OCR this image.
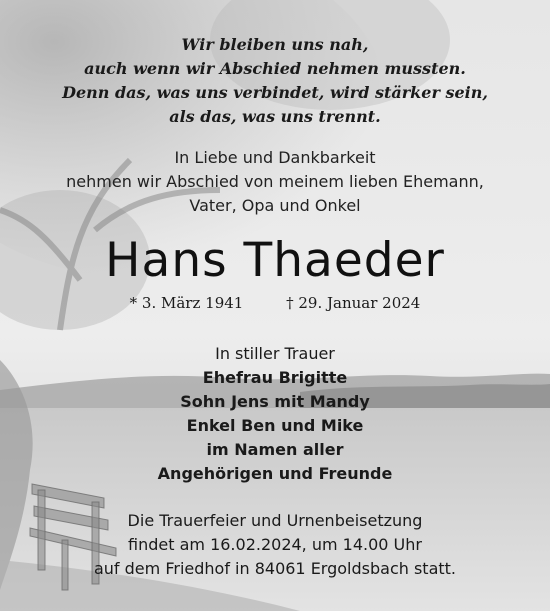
Wir bleiben uns nah,
auch wenn wir Abschied nehmen mussten.
Denn das, was uns verbindet, wird stärker sein,
als das, was uns trennt.
In Liebe und Dankbarkeit
nehmen wir Abschied von meinem lieben Ehemann,
Vater, Opa und Onkel
Hans Thaeder
* 3. März 1941	† 29. Januar 2024
In stiller Trauer
Ehefrau Brigitte
Sohn Jens mit Mandy
Enkel Ben und Mike
im Namen aller
Angehörigen und Freunde
Die Trauerfeier und Urnenbeisetzung
findet am 16.02.2024, um 14.00 Uhr
auf dem Friedhof in 84061 Ergoldsbach statt.
